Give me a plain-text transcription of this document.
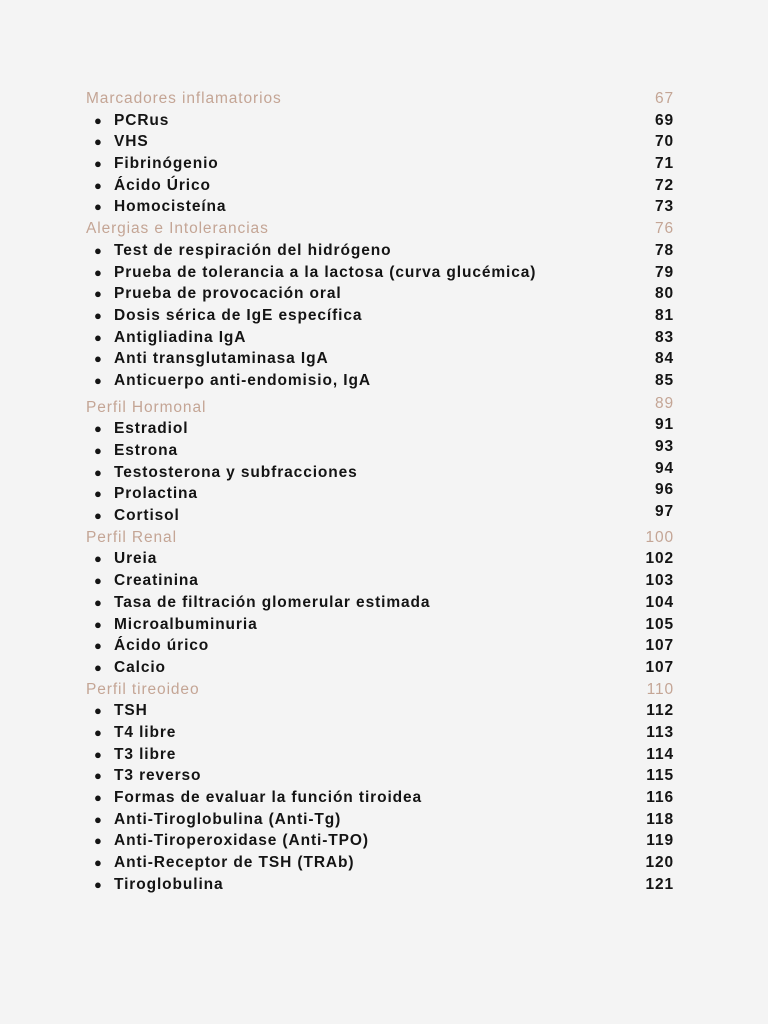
Marcadores inflamatorios	67
● PCRus	69
● VHS	70
● Fibrinógenio	71
● Ácido Úrico	72
● Homocisteína	73
Alergias e Intolerancias	76
● Test de respiración del hidrógeno	78
● Prueba de tolerancia a la lactosa (curva glucémica)	79
● Prueba de provocación oral	80
● Dosis sérica de IgE específica	81
● Antigliadina IgA	83
● Anti transglutaminasa IgA	84
● Anticuerpo anti-endomisio, IgA	85
Perfil Hormonal	89
● Estradiol	91
● Estrona	93
● Testosterona y subfracciones	94
● Prolactina	96
● Cortisol	97
Perfil Renal	100
● Ureia	102
● Creatinina	103
● Tasa de filtración glomerular estimada	104
● Microalbuminuria	105
● Ácido úrico	107
● Calcio	107
Perfil tireoideo	110
● TSH	112
● T4 libre	113
● T3 libre	114
● T3 reverso	115
● Formas de evaluar la función tiroidea	116
● Anti-Tiroglobulina (Anti-Tg)	118
● Anti-Tiroperoxidase (Anti-TPO)	119
● Anti-Receptor de TSH (TRAb)	120
● Tiroglobulina	121
